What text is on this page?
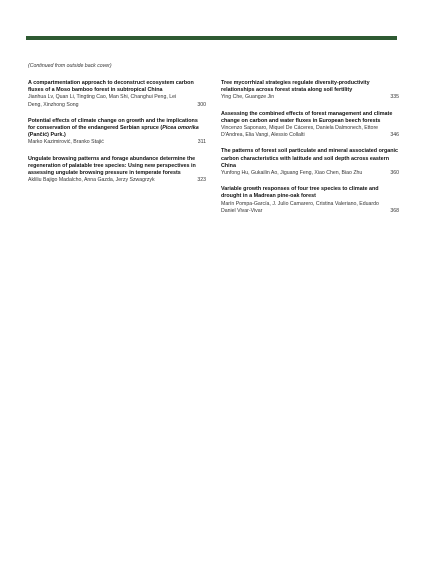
(Continued from outside back cover)
A compartmentation approach to deconstruct ecosystem carbon fluxes of a Moso bamboo forest in subtropical China
Jianhua Lv, Quan Li, Tingting Cao, Man Shi, Changhui Peng, Lei Deng, Xinzhong Song	300
Potential effects of climate change on growth and the implications for conservation of the endangered Serbian spruce (Picea omorika (Pančić) Purk.)
Marko Kazimirović, Branko Stajić	311
Ungulate browsing patterns and forage abundance determine the regeneration of palatable tree species: Using new perspectives in assessing ungulate browsing pressure in temperate forests
Akliliu Bajigo Madalcho, Anna Gazda, Jerzy Szwagrzyk	323
Tree mycorrhizal strategies regulate diversity-productivity relationships across forest strata along soil fertility
Ying Che, Guangze Jin	335
Assessing the combined effects of forest management and climate change on carbon and water fluxes in European beech forests
Vincenzo Saponaro, Miquel De Cáceres, Daniela Dalmonech, Ettore D'Andrea, Elia Vangi, Alessio Collalti	346
The patterns of forest soil particulate and mineral associated organic carbon characteristics with latitude and soil depth across eastern China
Yunfong Hu, Gukailin Ao, Jiguang Feng, Xiao Chen, Biao Zhu	360
Variable growth responses of four tree species to climate and drought in a Madrean pine-oak forest
Marín Pompa-García, J. Julio Camarero, Cristina Valeriano, Eduardo Daniel Vivar-Vivar	368
